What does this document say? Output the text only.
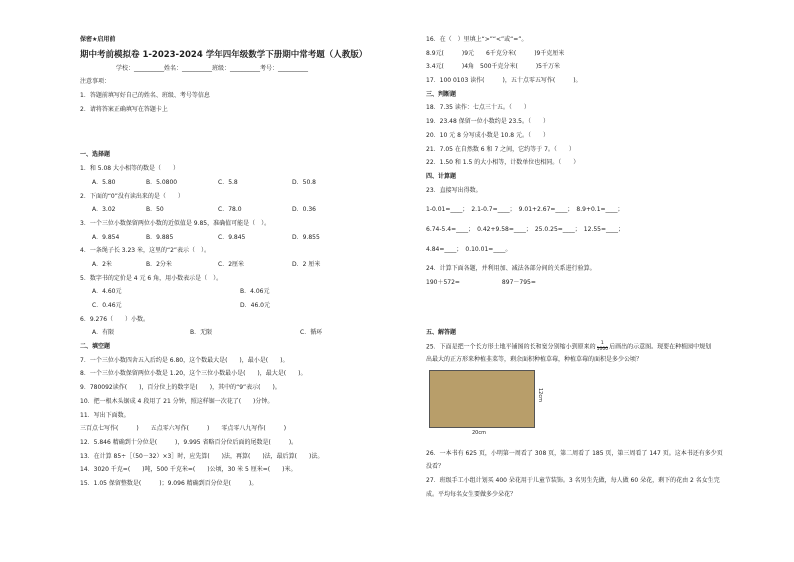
保密★启用前
期中考前模拟卷 1-2023-2024 学年四年级数学下册期中常考题（人教版）
学校：__________姓名：__________班级：__________考号：__________
注意事项：
1．答题前填写好自己的姓名、班级、考号等信息
2．请将答案正确填写在答题卡上
一、选择题
1．和 5.08 大小相等的数是（　　）
A．5.80	B．5.0800	C．5.8	D．50.8
2．下面的“0”没有读出来的是（　　）
A．3.02	B．50	C．78.0	D．0.36
3．一个三位小数保留两位小数的近似值是 9.85，准确值可能是（　）。
A．9.854	B．9.885	C．9.845	D．9.855
4．一条绳子长 3.23 米，这里的“2”表示（　）。
A．2米	B．2分米	C．2厘米	D．2 厘米
5．数字书的定价是 4 元 6 角，用小数表示是（　）。
A．4.60元	B．4.06元
C．0.46元	D．46.0元
6．9.276（　　）小数。
A．有限	B．无限	C．循环
二、填空题
7．一个三位小数四舍五入后约是 6.80，这个数最大是(　　)，最小是(　　)。
8．一个三位小数保留两位小数是 1.20，这个三位小数最小是(　　)，最大是(　　)。
9．780092读作(　　)，百分位上的数字是(　　)，其中的“9”表示(　　)。
10．把一根木头锯成 4 段用了 21 分钟，照这样锯一次花了(　　)分钟。
11．写出下面数。
三百点七写作(　　　)　　五点零六写作(　　　)　　零点零八九写作(　　　)
12．5.846 精确到十分位是(　　　)，9.995 省略百分位后面的尾数是(　　　)。
13．在计算 85÷［（50－32）×3］时，应先算(　　)法，再算(　　)法，最后算(　　)法。
14．3020 千克=(　　)吨，500 千克米=(　　)公顷，30 米 5 厘米=(　　)米。
15．1.05 保留整数是(　　　)；9.096 精确到百分位是(　　　)。
16．在（　）里填上“>”“<”或“=”。
8.9元(　　　)9元　　6千克分米(　　　)9千克厘米
3.4元(　　　)4角　500千克分米(　　　)5千万米
17．100 0103 读作(　　　)，五十点零五写作(　　　)。
三、判断题
18．7.35 读作：七点三十五。（　　）
19．23.48 保留一位小数约是 23.5。（　　）
20．10 元 8 分写成小数是 10.8 元。（　　）
21．7.05 在自然数 6 和 7 之间，它约等于 7。（　　）
22．1.50 和 1.5 的大小相等，计数单位也相同。（　　）
四、计算题
23．直接写出得数。
1-0.01=____；　2.1-0.7=____；　9.01+2.67=____；　8.9+0.1=____；
6.74-5.4=____；　0.42+9.58=____；　25.0.25=____；　12.55=____；
4.84=____；　0.10.01=____。
24．计算下面各题，并利用加、减法各部分间的关系进行验算。
190＋572=　　　　　　　897－795=
五、解答题
25．下面是把一个长方形土地平铺图的长和宽分别缩小到原来的 $\frac{1}{1000}$ 后画出的示意图。现要在种植园中规划
出最大的正方形来种植韭菜等，剩余面积种植草莓，种植草莓的面积是多少公顷？
12cm
20cm
26．一本书有 625 页，小明第一周看了 308 页，第二周看了 185 页，第三周看了 147 页。这本书还有多少页
没看？
27．班级手工小组计划买 400 朵花用于儿童节装饰。3 名男生先做，每人做 60 朵花，剩下的花由 2 名女生完
成。平均每名女生要做多少朵花？
